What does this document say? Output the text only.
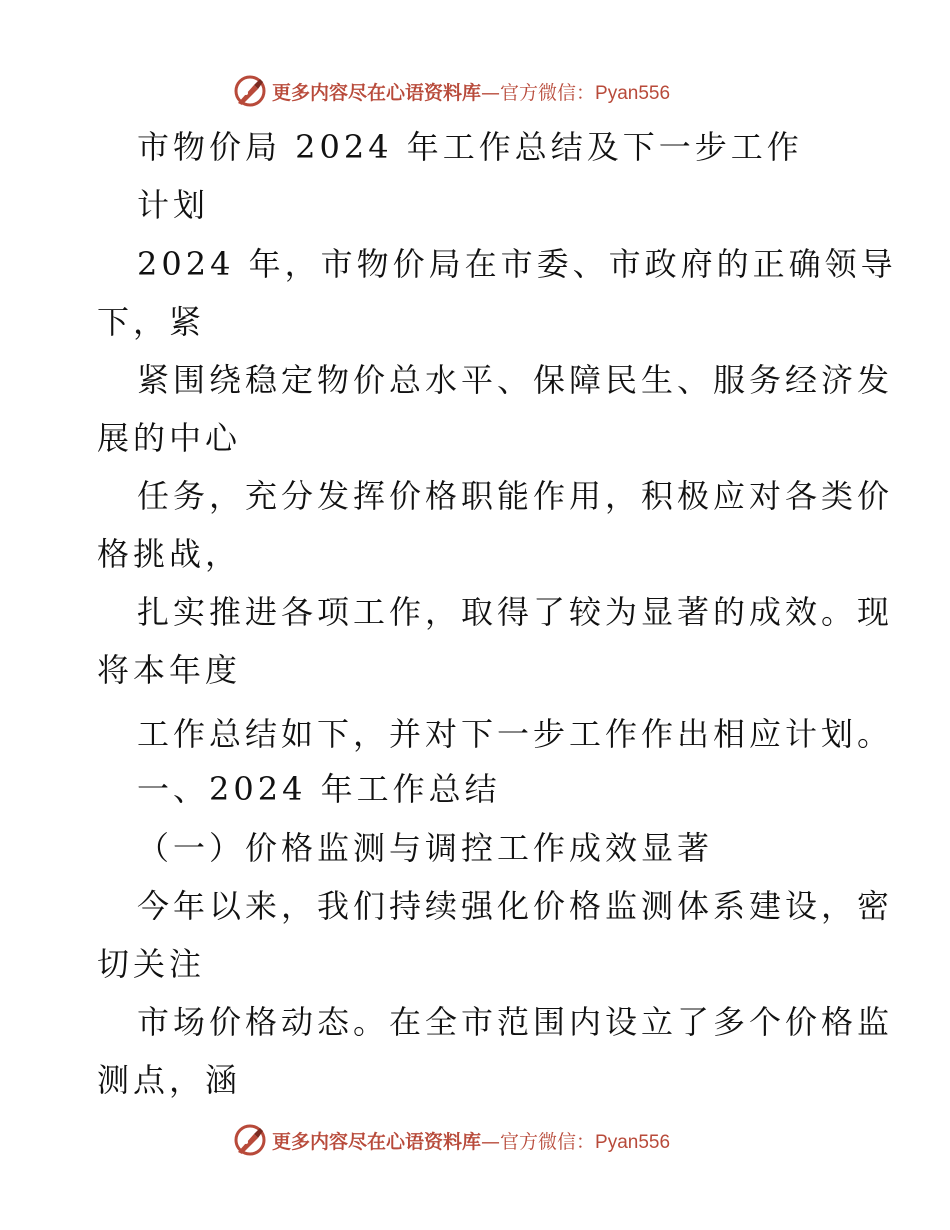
更多内容尽在心语资料库—官方微信：Pyan556
市物价局 2024 年工作总结及下一步工作
计划
2024 年，市物价局在市委、市政府的正确领导
下，紧
紧围绕稳定物价总水平、保障民生、服务经济发
展的中心
任务，充分发挥价格职能作用，积极应对各类价
格挑战，
扎实推进各项工作，取得了较为显著的成效。现
将本年度
工作总结如下，并对下一步工作作出相应计划。
一、2024 年工作总结
（一）价格监测与调控工作成效显著
今年以来，我们持续强化价格监测体系建设，密
切关注
市场价格动态。在全市范围内设立了多个价格监
测点，涵
更多内容尽在心语资料库—官方微信：Pyan556
